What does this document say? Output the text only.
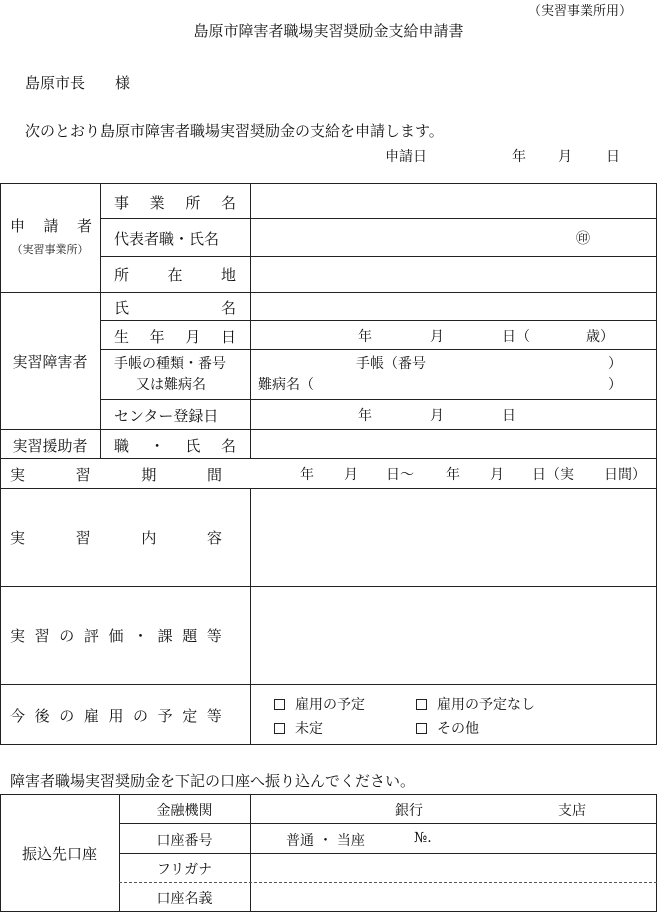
（実習事業所用）
島原市障害者職場実習奨励金支給申請書
島原市長　　様
次のとおり島原市障害者職場実習奨励金の支給を申請します。
申請日	年 月 日
申 請 者
（実習事業所）
事 業 所 名
代表者職・氏名	㊞
所	在	地
実習障害者
氏	名
生 年 月 日	年	月	日（	歳）
手帳の種類・番号
又は難病名
手帳（番号	）
難病名（	）
センター登録日	年	月	日
実習援助者	職 ・ 氏 名
実	習	期	間	年 月 日～ 年 月 日（実 日間）
実	習	内	容
実 習 の 評 価 ・ 課 題 等
今 後 の 雇 用 の 予 定 等
雇用の予定	雇用の予定なし
未定	その他
障害者職場実習奨励金を下記の口座へ振り込んでください。
振込先口座
金融機関	銀行	支店
口座番号	普通 ・ 当座	№.
フリガナ
口座名義
